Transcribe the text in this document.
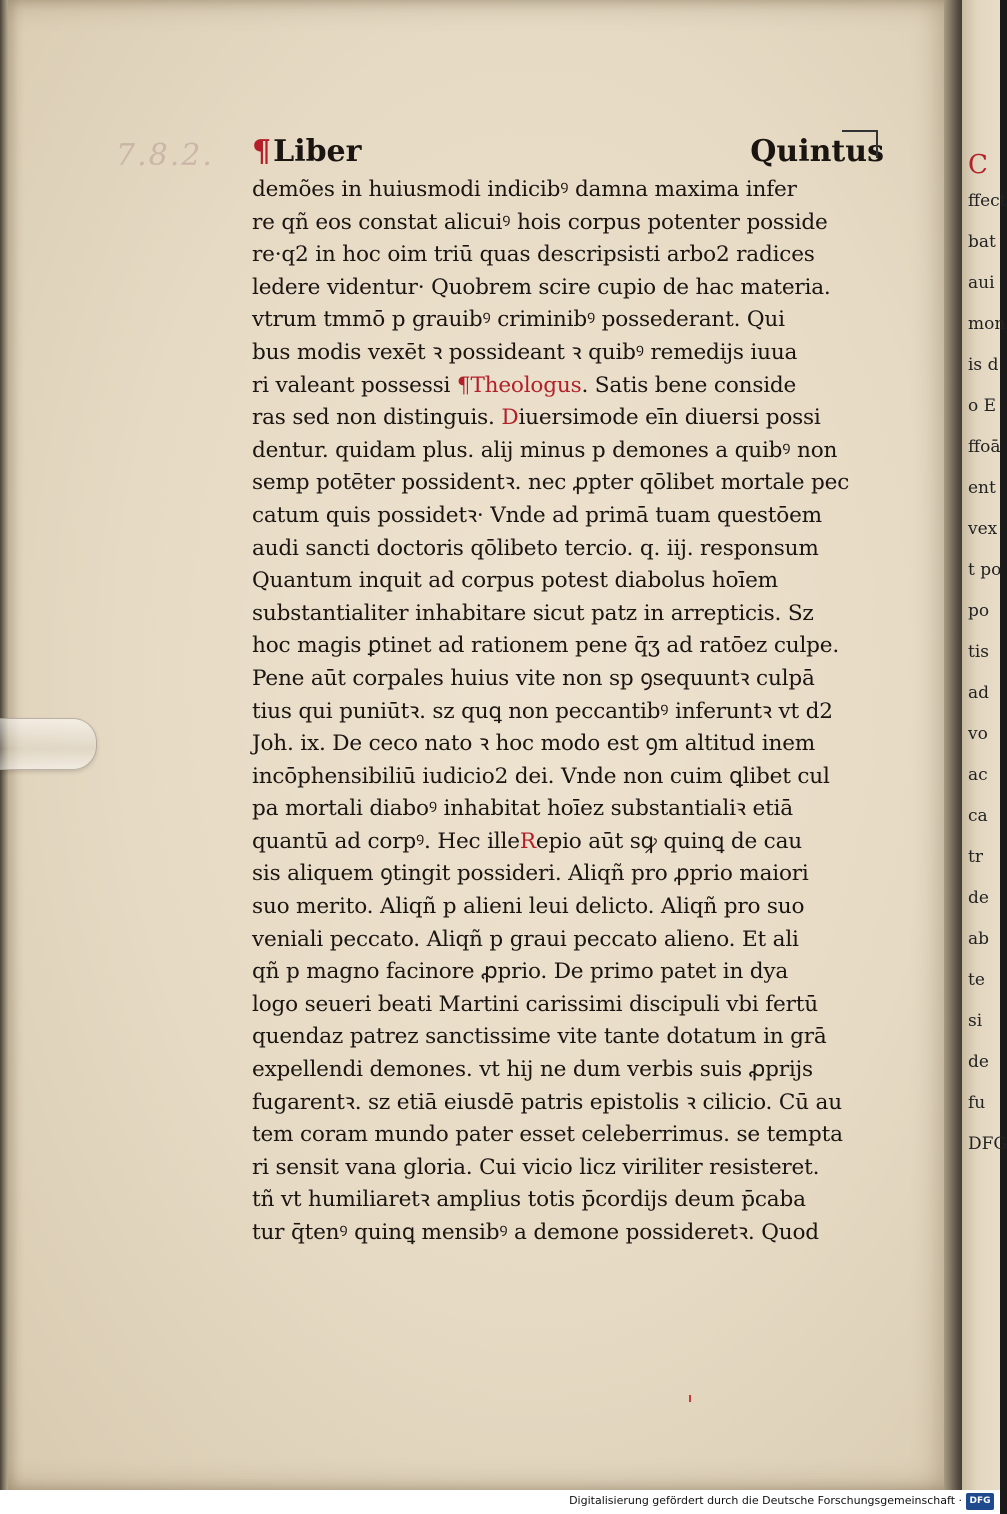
7.8.2.	C
ffect
bat
aui
mon
is d
o E
ffoā
ent
vex
t po
po
tis
ad
vo
ac
ca
tr
de
ab
te
si
de
fu
DFG
¶ Liber	Quintus
demões in huiusmodi indicibꝰ damna maxima infer
re qñ eos constat alicuiꝰ hois corpus potenter posside
re·q2 in hoc oim triū quas descripsisti arbo2 radices
ledere videntur· Quobrem scire cupio de hac materia.
vtrum tmmō p grauibꝰ criminibꝰ possederant. Qui
bus modis vexēt ꝛ possideant ꝛ quibꝰ remedijs iuua
ri valeant possessi ¶Theologus. Satis bene conside
ras sed non distinguis. Diuersimode eīn diuersi possi
dentur. quidam plus. alij minus p demones a quibꝰ non
semp potēter possidentꝛ. nec ꝓpter qōlibet mortale pec
catum quis possidetꝛ· Vnde ad primā tuam questōem
audi sancti doctoris qōlibeto tercio. q. iij. responsum
Quantum inquit ad corpus potest diabolus hoīem
substantialiter inhabitare sicut patz in arrepticis. Sz
hoc magis ꝑtinet ad rationem pene q̄ʒ ad ratōez culpe.
Pene aūt corpales huius vite non sp ꝯsequuntꝛ culpā
tius qui puniūtꝛ. sz quꝗ non peccantibꝰ inferuntꝛ vt d2
Joh. ix. De ceco nato ꝛ hoc modo est ꝯm altitud inem
incōphensibiliū iudicio2 dei. Vnde non cuim ꝗlibet cul
pa mortali diaboꝰ inhabitat hoīez substantialiꝛ etiā
quantū ad corpꝰ. Hec illeRepio aūt sꝙ quinꝗ de cau
sis aliquem ꝯtingit possideri. Aliqñ pro ꝓprio maiori
suo merito. Aliqñ p alieni leui delicto. Aliqñ pro suo
veniali peccato. Aliqñ p graui peccato alieno. Et ali
qñ p magno facinore ꝓprio. De primo patet in dya
logo seueri beati Martini carissimi discipuli vbi fertū
quendaz patrez sanctissime vite tante dotatum in grā
expellendi demones. vt hij ne dum verbis suis ꝓprijs
fugarentꝛ. sz etiā eiusdē patris epistolis ꝛ cilicio. Cū au
tem coram mundo pater esset celeberrimus. se tempta
ri sensit vana gloria. Cui vicio licz viriliter resisteret.
tñ vt humiliaretꝛ amplius totis p̄cordijs deum p̄caba
tur q̄tenꝰ quinꝗ mensibꝰ a demone possideretꝛ. Quod
Digitalisierung gefördert durch die Deutsche Forschungsgemeinschaft · DFG
